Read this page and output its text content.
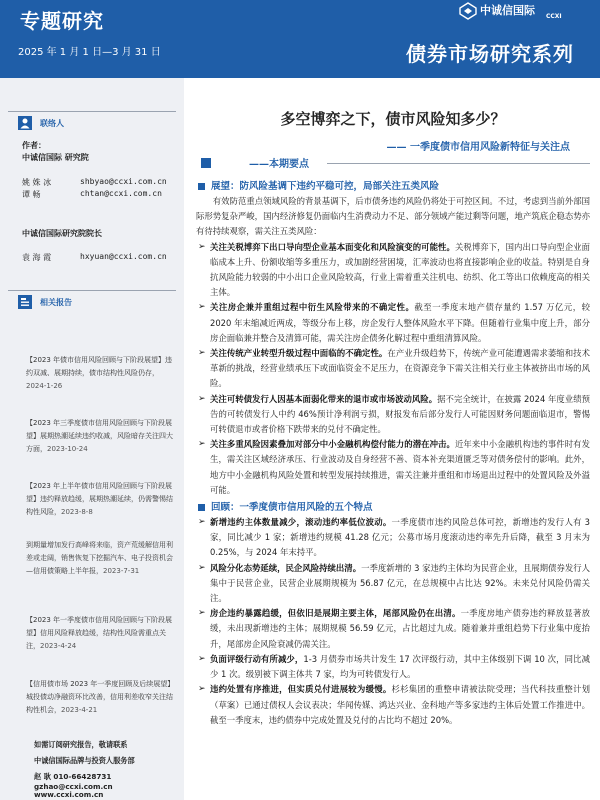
专题研究
2025 年 1 月 1 日—3 月 31 日	债券市场研究系列
中诚信国际 CCXI
联络人
作者：
中诚信国际 研究院
姚 姝 冰	shbyao@ccxi.com.cn
谭 畅	chtan@ccxi.com.cn
中诚信国际研究院院长
袁 海 霞	hxyuan@ccxi.com.cn
相关报告
【2023 年债市信用风险回顾与下阶段展望】违约双减、展期持续，债市结构性风险仍存，2024-1-26
【2023 年三季度债市信用风险回顾与下阶段展望】展期热潮延续违约收减，风险暗存关注四大方面，2023-10-24
【2023 年上半年债市信用风险回顾与下阶段展望】违约释放趋缓，展期热潮延续，仍需警惕结构性风险，2023-8-8
到期量增加发行高峰将来临，资产荒缓解信用利差或走阔，销售恢复下挖掘汽车、电子投资机会—信用债策略上半年报，2023-7-31
【2023 年一季度债市信用风险回顾与下阶段展望】信用风险释放趋缓，结构性风险需重点关注，2023-4-24
【信用债市场 2023 年一季度回顾及后续展望】城投债动净融资环比改善，信用利差收窄关注结构性机会，2023-4-21
如需订阅研究报告，敬请联系
中诚信国际品牌与投资人服务部
赵 耿 010-66428731 gzhao@ccxi.com.cn
www.ccxi.com.cn
多空博弈之下，债市风险知多少？
—— 一季度债市信用风险新特征与关注点
——本期要点

展望：防风险基调下违约平稳可控，局部关注五类风险

有效防范重点领域风险的背景基调下，后市债务违约风险仍将处于可控区间。不过，考虑到当前外部国际形势复杂严峻，国内经济修复仍面临内生消费动力不足、部分领域产能过剩等问题，地产筑底企稳态势亦有待持续观察，需关注五类风险：

➢ 关注关税博弈下出口导向型企业基本面变化和风险演变的可能性。关税博弈下，国内出口导向型企业面临成本上升、份额收缩等多重压力，或加剧经营困境，汇率波动也将直接影响企业的收益。特别是自身抗风险能力较弱的中小出口企业风险较高，行业上需着重关注机电、纺织、化工等出口依赖度高的相关主体。
➢ 关注房企兼并重组过程中衍生风险带来的不确定性。截至一季度末地产债存量约 1.57 万亿元，较 2020 年末缩减近两成，等级分布上移，房企发行人整体风险水平下降。但随着行业集中度上升，部分房企面临兼并整合及清算可能，需关注房企债务化解过程中重组清算风险。
➢ 关注传统产业转型升级过程中面临的不确定性。在产业升级趋势下，传统产业可能遭遇需求萎缩和技术革新的挑战，经营业绩承压下或面临资金不足压力，在资源竞争下需关注相关行业主体被挤出市场的风险。
➢ 关注可转债发行人因基本面弱化带来的退市或市场波动风险。据不完全统计，在披露 2024 年度业绩预告的可转债发行人中约 46%预计净利润亏损，财报发布后部分发行人可能因财务问题面临退市，警惕可转债退市或者价格下跌带来的兑付不确定性。
➢ 关注多重风险因素叠加对部分中小金融机构偿付能力的潜在冲击。近年来中小金融机构违约事件时有发生，需关注区域经济承压、行业波动及自身经营不善、资本补充渠道匮乏等对债务偿付的影响。此外，地方中小金融机构风险处置和转型发展持续推进，需关注兼并重组和市场退出过程中的处置风险及外溢可能。

回顾：一季度债市信用风险的五个特点

➢ 新增违约主体数量减少，滚动违约率低位波动。一季度债市违约风险总体可控，新增违约发行人有 3 家，同比减少 1 家；新增违约规模 41.28 亿元；公募市场月度滚动违约率先升后降，截至 3 月末为 0.25%，与 2024 年末持平。
➢ 风险分化态势延续，民企风险持续出清。一季度新增的 3 家违约主体均为民营企业，且展期债券发行人集中于民营企业，民营企业展期规模为 56.87 亿元，在总规模中占比达 92%。未来兑付风险仍需关注。
➢ 房企违约暴露趋缓，但依旧是展期主要主体，尾部风险仍在出清。一季度房地产债券违约释放显著放缓，未出现新增违约主体；展期规模 56.59 亿元，占比超过九成。随着兼并重组趋势下行业集中度抬升，尾部房企风险衰减仍需关注。
➢ 负面评级行动有所减少，1-3 月债券市场共计发生 17 次评级行动，其中主体级别下调 10 次，同比减少 1 次。级别被下调主体共 7 家，均为可转债发行人。
➢ 违约处置有序推进，但实质兑付进展较为缓慢。杉杉集团的重整申请被法院受理；当代科技重整计划（草案）已通过债权人会议表决；华闻传媒、鸿达兴业、金科地产等多家违约主体后处置工作推进中。截至一季度末，违约债券中完成处置及兑付的占比均不超过 20%。
